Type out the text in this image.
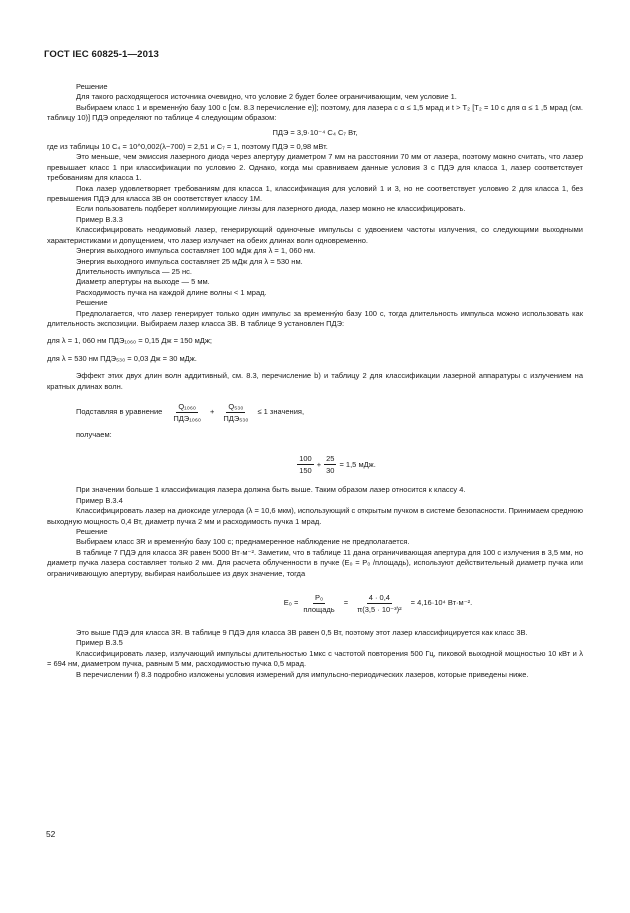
ГОСТ IEC 60825-1—2013

Решение

Для такого расходящегося источника очевидно, что условие 2 будет более ограничивающим, чем условие 1.

Выбираем класс 1 и временнýю базу 100 с [см. 8.3 перечисление е)]; поэтому, для лазера с α ≤ 1,5 мрад и t > T₂ [T₂ = 10 с для α ≤ 1 ,5 мрад (см. таблицу 10)] ПДЭ определяют по таблице 4 следующим образом:

ПДЭ = 3,9·10⁻⁴ C₄ C₇ Вт,

где из таблицы 10 C₄ = 10^0,002(λ−700) = 2,51 и C₇ = 1, поэтому ПДЭ = 0,98 мВт.

Это меньше, чем эмиссия лазерного диода через апертуру диаметром 7 мм на расстоянии 70 мм от лазера, поэтому можно считать, что лазер превышает класс 1 при классификации по условию 2. Однако, когда мы сравниваем данные условия 3 с ПДЭ для класса 1, лазер соответствует требованиям для класса 1.

Пока лазер удовлетворяет требованиям для класса 1, классификация для условий 1 и 3, но не соответствует условию 2 для класса 1, без превышения ПДЭ для класса 3В он соответствует классу 1М.

Если пользователь подберет коллимирующие линзы для лазерного диода, лазер можно не классифицировать.

Пример В.3.3

Классифицировать неодимовый лазер, генерирующий одиночные импульсы с удвоением частоты излучения, со следующими выходными характеристиками и допущением, что лазер излучает на обеих длинах волн одновременно.

Энергия выходного импульса составляет 100 мДж для λ = 1, 060 нм.

Энергия выходного импульса составляет 25 мДж для λ = 530 нм.

Длительность импульса — 25 нс.

Диаметр апертуры на выходе — 5 мм.

Расходимость пучка на каждой длине волны < 1 мрад.

Решение

Предполагается, что лазер генерирует только один импульс за временнýю базу 100 с, тогда длительность импульса можно использовать как длительность экспозиции. Выбираем лазер класса 3В. В таблице 9 установлен ПДЭ:

для λ = 1, 060 нм ПДЭ₁₀₆₀ = 0,15 Дж = 150 мДж;

для λ = 530 нм ПДЭ₅₃₀ = 0,03 Дж = 30 мДж.

Эффект этих двух длин волн аддитивный, см. 8.3, перечисление b) и таблицу 2 для классификации лазерной аппаратуры с излучением на кратных длинах волн.

Подставляя в уравнение $\frac{\text{Q₁₀₆₀}}{\text{ПДЭ₁₀₆₀}} + \frac{\text{Q₅₃₀}}{\text{ПДЭ₅₃₀}} \le 1$ значения,

получаем:

$\frac{100}{150} + \frac{25}{30} = 1,5$ мДж.

При значении больше 1 классификация лазера должна быть выше. Таким образом лазер относится к классу 4.

Пример В.3.4

Классифицировать лазер на диоксиде углерода (λ = 10,6 мкм), использующий с открытым пучком в системе безопасности. Принимаем среднюю выходную мощность 0,4 Вт, диаметр пучка 2 мм и расходимость пучка 1 мрад.

Решение

Выбираем класс 3R и временнýю базу 100 с; преднамеренное наблюдение не предполагается.

В таблице 7 ПДЭ для класса 3R равен 5000 Вт·м⁻². Заметим, что в таблице 11 дана ограничивающая апертура для 100 с излучения в 3,5 мм, но диаметр пучка лазера составляет только 2 мм. Для расчета облученности в пучке (E₀ = P₀ /площадь), используют действительный диаметр пучка или ограничивающую апертуру, выбирая наибольшее из двух значение, тогда

$E_0 = \frac{\text{P₀}}{\text{площадь}} = \frac{4 \cdot 0,4}{\text{π(3,5 · 10⁻³)²}} = 4,16\cdot 10^4$ Вт·м⁻².

Это выше ПДЭ для класса 3R. В таблице 9 ПДЭ для класса 3В равен 0,5 Вт, поэтому этот лазер классифицируется как класс 3В.

Пример В.3.5

Классифицировать лазер, излучающий импульсы длительностью 1мкс с частотой повторения 500 Гц, пиковой выходной мощностью 10 кВт и λ = 694 нм, диаметром пучка, равным 5 мм, расходимостью пучка 0,5 мрад.

В перечислении f) 8.3 подробно изложены условия измерений для импульсно-периодических лазеров, которые приведены ниже.

52
